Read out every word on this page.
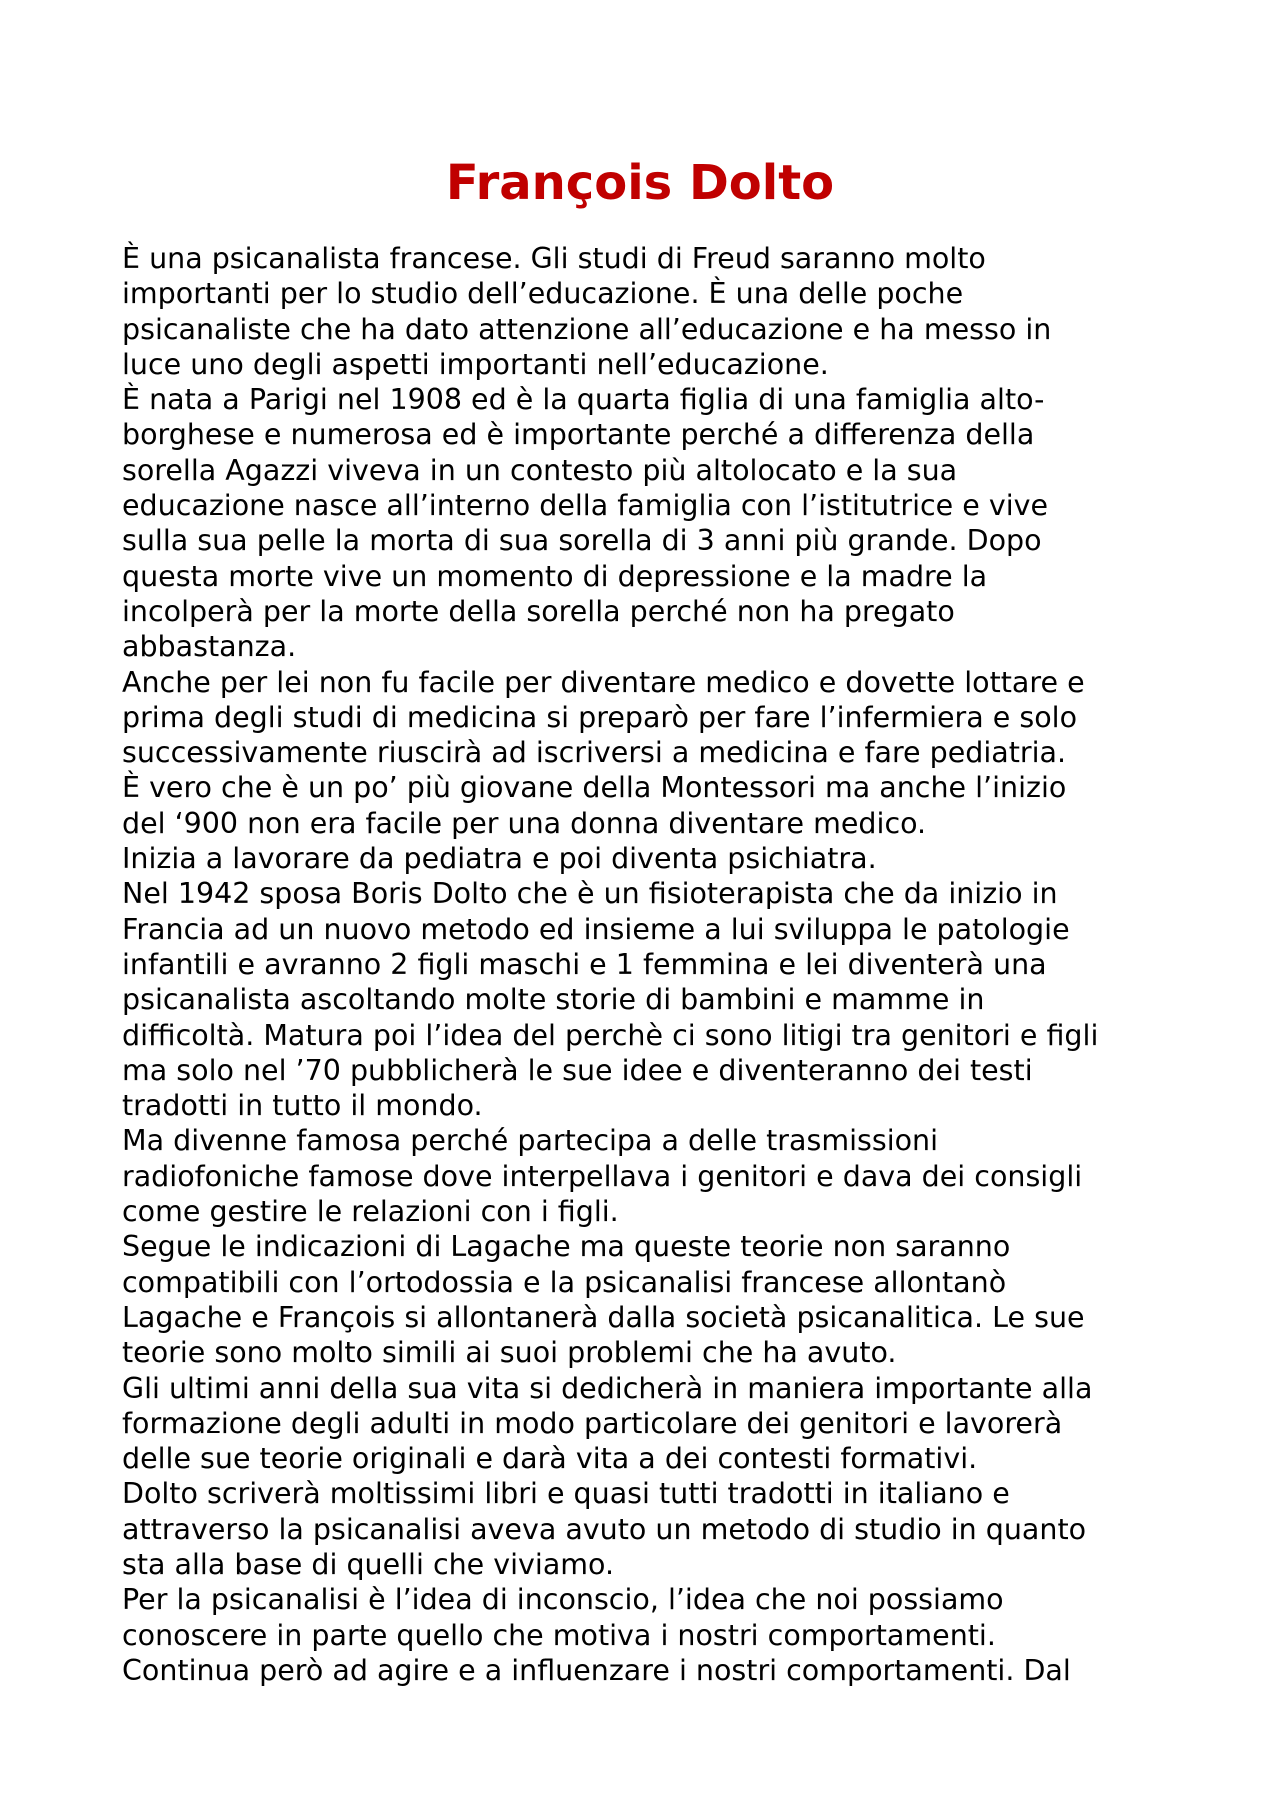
François Dolto
È una psicanalista francese. Gli studi di Freud saranno molto
importanti per lo studio dell’educazione. È una delle poche
psicanaliste che ha dato attenzione all’educazione e ha messo in
luce uno degli aspetti importanti nell’educazione.
È nata a Parigi nel 1908 ed è la quarta figlia di una famiglia alto-
borghese e numerosa ed è importante perché a differenza della
sorella Agazzi viveva in un contesto più altolocato e la sua
educazione nasce all’interno della famiglia con l’istitutrice e vive
sulla sua pelle la morta di sua sorella di 3 anni più grande. Dopo
questa morte vive un momento di depressione e la madre la
incolperà per la morte della sorella perché non ha pregato
abbastanza.
Anche per lei non fu facile per diventare medico e dovette lottare e
prima degli studi di medicina si preparò per fare l’infermiera e solo
successivamente riuscirà ad iscriversi a medicina e fare pediatria.
È vero che è un po’ più giovane della Montessori ma anche l’inizio
del ‘900 non era facile per una donna diventare medico.
Inizia a lavorare da pediatra e poi diventa psichiatra.
Nel 1942 sposa Boris Dolto che è un fisioterapista che da inizio in
Francia ad un nuovo metodo ed insieme a lui sviluppa le patologie
infantili e avranno 2 figli maschi e 1 femmina e lei diventerà una
psicanalista ascoltando molte storie di bambini e mamme in
difficoltà. Matura poi l’idea del perchè ci sono litigi tra genitori e figli
ma solo nel ’70 pubblicherà le sue idee e diventeranno dei testi
tradotti in tutto il mondo.
Ma divenne famosa perché partecipa a delle trasmissioni
radiofoniche famose dove interpellava i genitori e dava dei consigli
come gestire le relazioni con i figli.
Segue le indicazioni di Lagache ma queste teorie non saranno
compatibili con l’ortodossia e la psicanalisi francese allontanò
Lagache e François si allontanerà dalla società psicanalitica. Le sue
teorie sono molto simili ai suoi problemi che ha avuto.
Gli ultimi anni della sua vita si dedicherà in maniera importante alla
formazione degli adulti in modo particolare dei genitori e lavorerà
delle sue teorie originali e darà vita a dei contesti formativi.
Dolto scriverà moltissimi libri e quasi tutti tradotti in italiano e
attraverso la psicanalisi aveva avuto un metodo di studio in quanto
sta alla base di quelli che viviamo.
Per la psicanalisi è l’idea di inconscio, l’idea che noi possiamo
conoscere in parte quello che motiva i nostri comportamenti.
Continua però ad agire e a influenzare i nostri comportamenti. Dal
